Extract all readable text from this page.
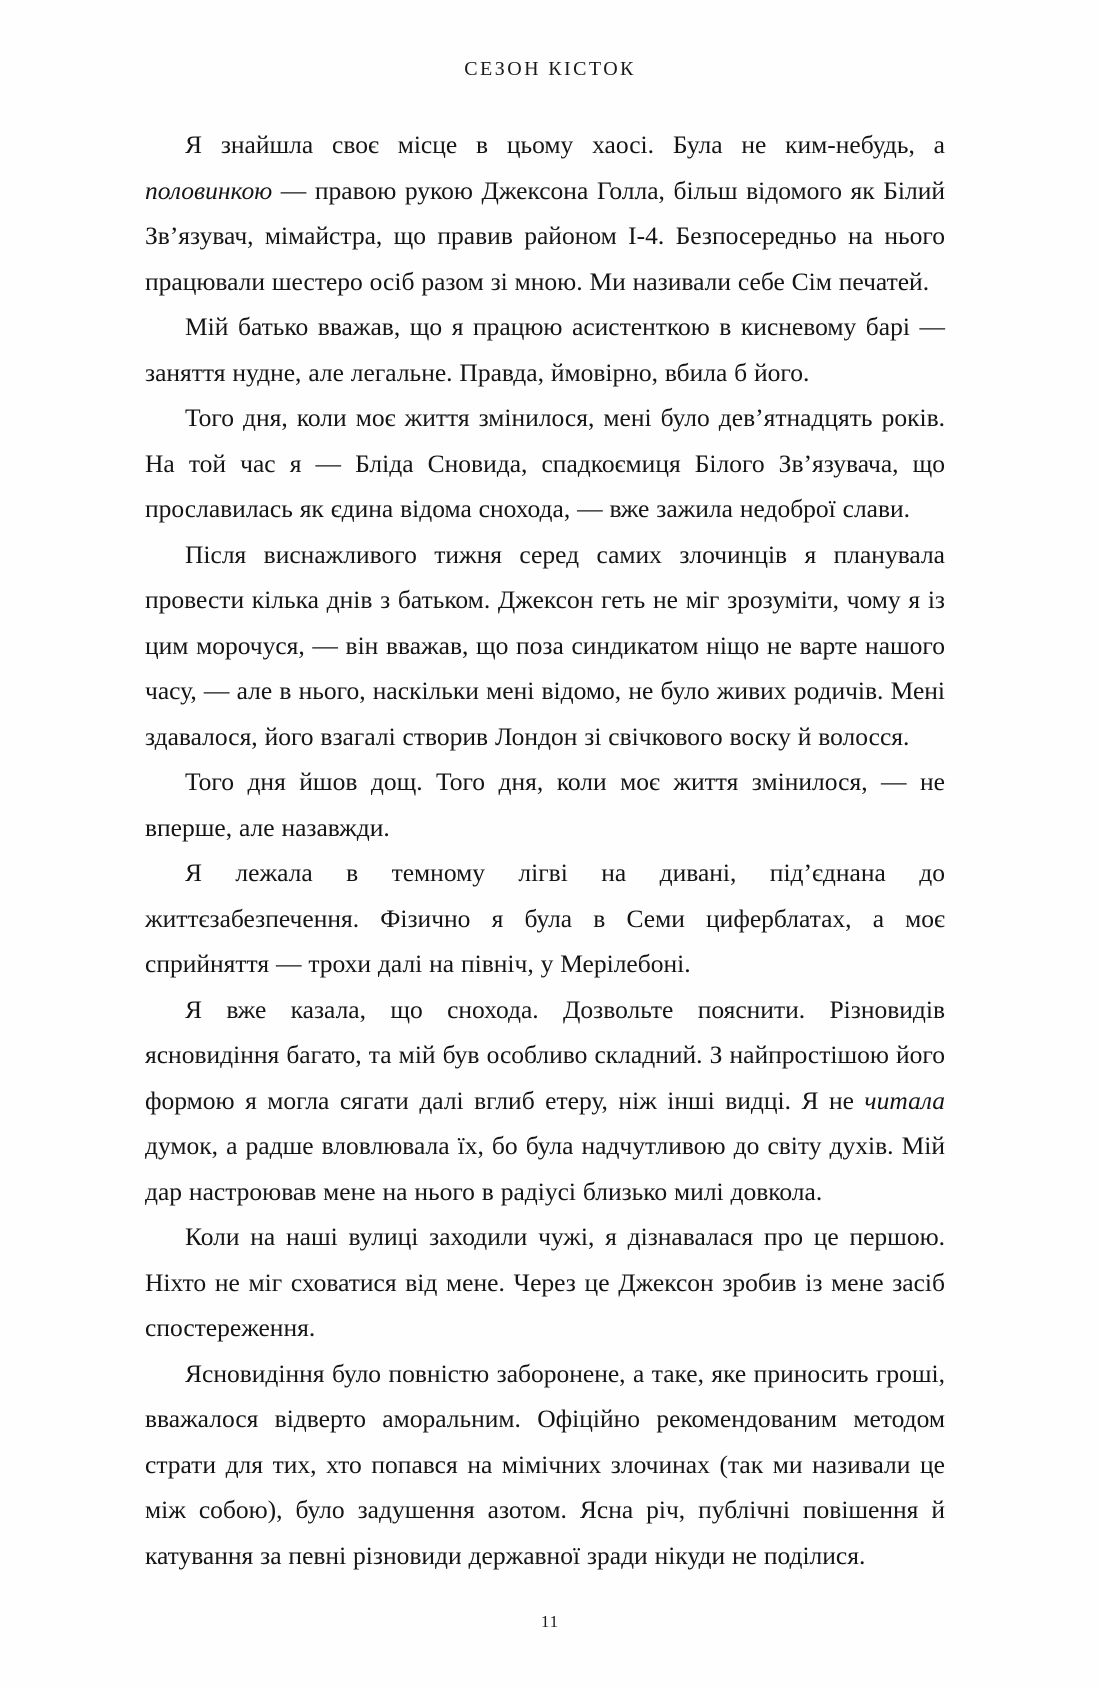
СЕЗОН КІСТОК

Я знайшла своє місце в цьому хаосі. Була не ким-небудь, а половинкою — правою рукою Джексона Голла, більш відомого як Білий Зв’язувач, мімайстра, що правив районом I-4. Безпосередньо на нього працювали шестеро осіб разом зі мною. Ми називали себе Сім печатей.

Мій батько вважав, що я працюю асистенткою в кисневому барі — заняття нудне, але легальне. Правда, ймовірно, вбила б його.

Того дня, коли моє життя змінилося, мені було дев’ятнадцять років. На той час я — Бліда Сновида, спадкоємиця Білого Зв’язувача, що прославилась як єдина відома снохода, — вже зажила недоброї слави.

Після виснажливого тижня серед самих злочинців я планувала провести кілька днів з батьком. Джексон геть не міг зрозуміти, чому я із цим морочуся, — він вважав, що поза синдикатом ніщо не варте нашого часу, — але в нього, наскільки мені відомо, не було живих родичів. Мені здавалося, його взагалі створив Лондон зі свічкового воску й волосся.

Того дня йшов дощ. Того дня, коли моє життя змінилося, — не вперше, але назавжди.

Я лежала в темному лігві на дивані, під’єднана до життєзабезпечення. Фізично я була в Семи циферблатах, а моє сприйняття — трохи далі на північ, у Мерілебоні.

Я вже казала, що сноходa. Дозвольте пояснити. Різновидів ясновидіння багато, та мій був особливо складний. З найпростішою його формою я могла сягати далі вглиб етеру, ніж інші видці. Я не читала думок, а радше вловлювала їх, бо була надчутливою до світу духів. Мій дар настроював мене на нього в радіусі близько милі довкола.

Коли на наші вулиці заходили чужі, я дізнавалася про це першою. Ніхто не міг сховатися від мене. Через це Джексон зробив із мене засіб спостереження.

Ясновидіння було повністю заборонене, а таке, яке приносить гроші, вважалося відверто аморальним. Офіційно рекомендованим методом страти для тих, хто попався на мімічних злочинах (так ми називали це між собою), було задушення азотом. Ясна річ, публічні повішення й катування за певні різновиди державної зради нікуди не поділися.

11
